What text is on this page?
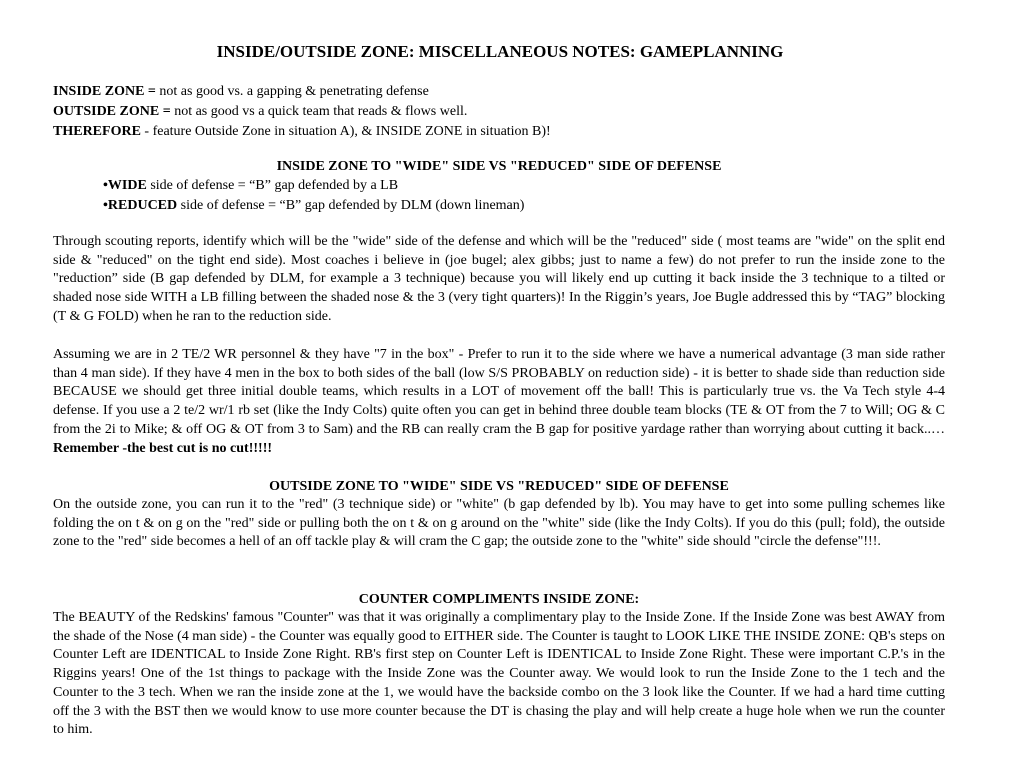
INSIDE/OUTSIDE ZONE: MISCELLANEOUS NOTES: GAMEPLANNING
INSIDE ZONE = not as good vs. a gapping & penetrating defense
OUTSIDE ZONE = not as good vs a quick team that reads & flows well.
THEREFORE - feature Outside Zone in situation A), & INSIDE ZONE in situation B)!
INSIDE ZONE TO "WIDE" SIDE VS "REDUCED" SIDE OF DEFENSE
•WIDE side of defense = “B” gap defended by a LB
•REDUCED side of defense = “B” gap defended by DLM (down lineman)
Through scouting reports, identify which will be the "wide" side of the defense and which will be the "reduced" side ( most teams are "wide" on the split end side & "reduced" on the tight end side). Most coaches i believe in (joe bugel; alex gibbs; just to name a few) do not prefer to run the inside zone to the "reduction” side (B gap defended by DLM, for example a 3 technique) because you will likely end up cutting it back inside the 3 technique to a tilted or shaded nose side WITH a LB filling between the shaded nose & the 3 (very tight quarters)! In the Riggin’s years, Joe Bugle addressed this by “TAG” blocking (T & G FOLD) when he ran to the reduction side.
Assuming we are in 2 TE/2 WR personnel & they have "7 in the box" - Prefer to run it to the side where we have a numerical advantage (3 man side rather than 4 man side). If they have 4 men in the box to both sides of the ball (low S/S PROBABLY on reduction side) - it is better to shade side than reduction side BECAUSE we should get three initial double teams, which results in a LOT of movement off the ball! This is particularly true vs. the Va Tech style 4-4 defense. If you use a 2 te/2 wr/1 rb set (like the Indy Colts) quite often you can get in behind three double team blocks (TE & OT from the 7 to Will; OG & C from the 2i to Mike; & off OG & OT from 3 to Sam) and the RB can really cram the B gap for positive yardage rather than worrying about cutting it back..…Remember -the best cut is no cut!!!!!
OUTSIDE ZONE TO "WIDE" SIDE VS "REDUCED" SIDE OF DEFENSE
On the outside zone, you can run it to the "red" (3 technique side) or "white" (b gap defended by lb). You may have to get into some pulling schemes like folding the on t & on g on the "red" side or pulling both the on t & on g around on the "white" side (like the Indy Colts). If you do this (pull; fold), the outside zone to the "red" side becomes a hell of an off tackle play & will cram the C gap; the outside zone to the "white" side should "circle the defense"!!!.
COUNTER COMPLIMENTS INSIDE ZONE:
The BEAUTY of the Redskins' famous "Counter" was that it was originally a complimentary play to the Inside Zone. If the Inside Zone was best AWAY from the shade of the Nose (4 man side) - the Counter was equally good to EITHER side. The Counter is taught to LOOK LIKE THE INSIDE ZONE: QB's steps on Counter Left are IDENTICAL to Inside Zone Right. RB's first step on Counter Left is IDENTICAL to Inside Zone Right. These were important C.P.'s in the Riggins years! One of the 1st things to package with the Inside Zone was the Counter away. We would look to run the Inside Zone to the 1 tech and the Counter to the 3 tech. When we ran the inside zone at the 1, we would have the backside combo on the 3 look like the Counter. If we had a hard time cutting off the 3 with the BST then we would know to use more counter because the DT is chasing the play and will help create a huge hole when we run the counter to him.
